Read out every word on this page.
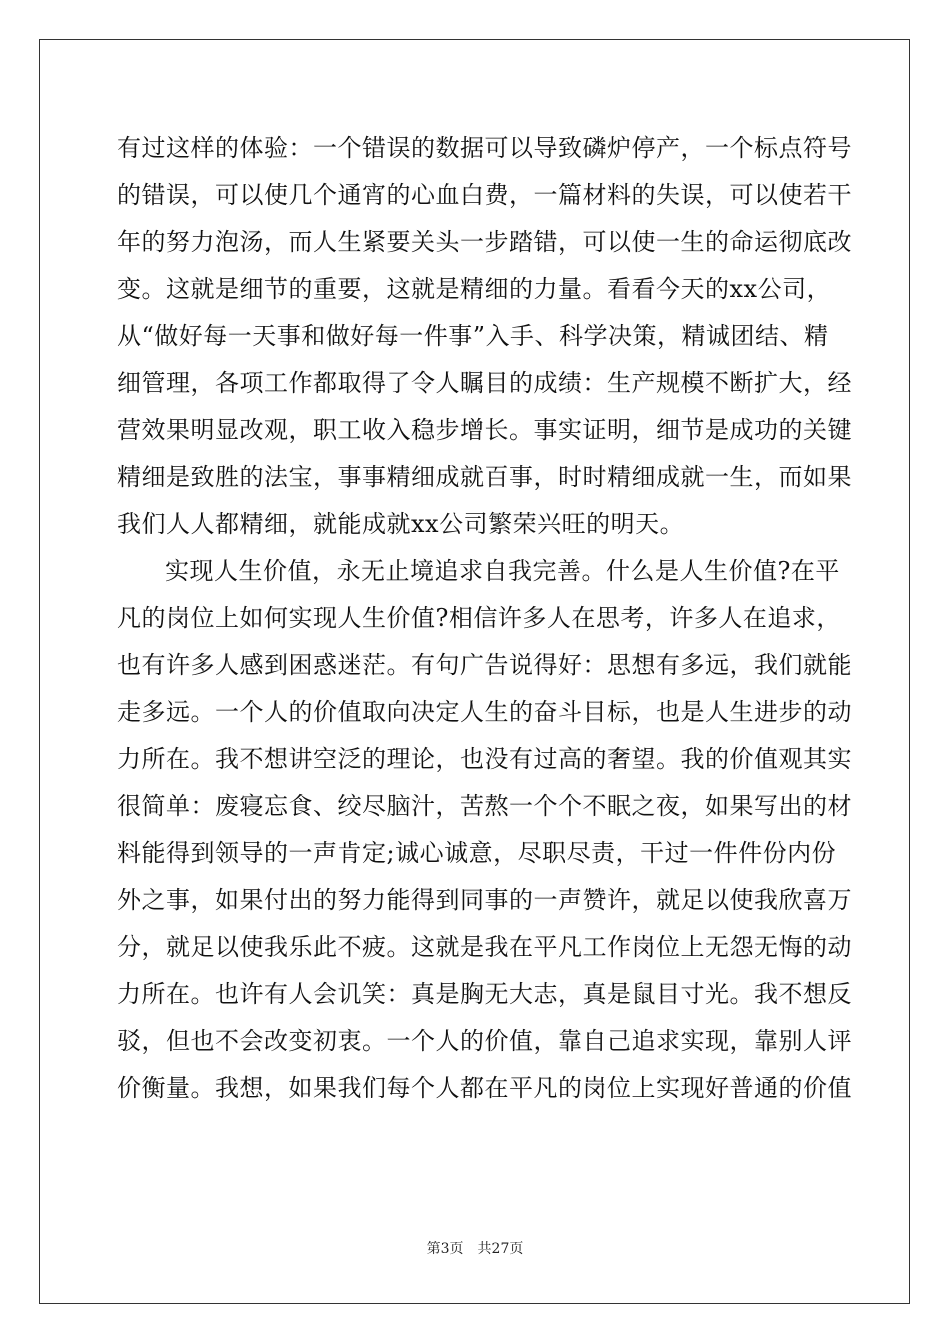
有过这样的体验：一个错误的数据可以导致磷炉停产，一个标点符号
的错误，可以使几个通宵的心血白费，一篇材料的失误，可以使若干
年的努力泡汤，而人生紧要关头一步踏错，可以使一生的命运彻底改
变。这就是细节的重要，这就是精细的力量。看看今天的xx公司，
从“做好每一天事和做好每一件事”入手、科学决策，精诚团结、精
细管理，各项工作都取得了令人瞩目的成绩：生产规模不断扩大，经
营效果明显改观，职工收入稳步增长。事实证明，细节是成功的关键
精细是致胜的法宝，事事精细成就百事，时时精细成就一生，而如果
我们人人都精细，就能成就xx公司繁荣兴旺的明天。
实现人生价值，永无止境追求自我完善。什么是人生价值?在平
凡的岗位上如何实现人生价值?相信许多人在思考，许多人在追求，
也有许多人感到困惑迷茫。有句广告说得好：思想有多远，我们就能
走多远。一个人的价值取向决定人生的奋斗目标，也是人生进步的动
力所在。我不想讲空泛的理论，也没有过高的奢望。我的价值观其实
很简单：废寝忘食、绞尽脑汁，苦熬一个个不眠之夜，如果写出的材
料能得到领导的一声肯定;诚心诚意，尽职尽责，干过一件件份内份
外之事，如果付出的努力能得到同事的一声赞许，就足以使我欣喜万
分，就足以使我乐此不疲。这就是我在平凡工作岗位上无怨无悔的动
力所在。也许有人会讥笑：真是胸无大志，真是鼠目寸光。我不想反
驳，但也不会改变初衷。一个人的价值，靠自己追求实现，靠别人评
价衡量。我想，如果我们每个人都在平凡的岗位上实现好普通的价值
第3页　共27页
